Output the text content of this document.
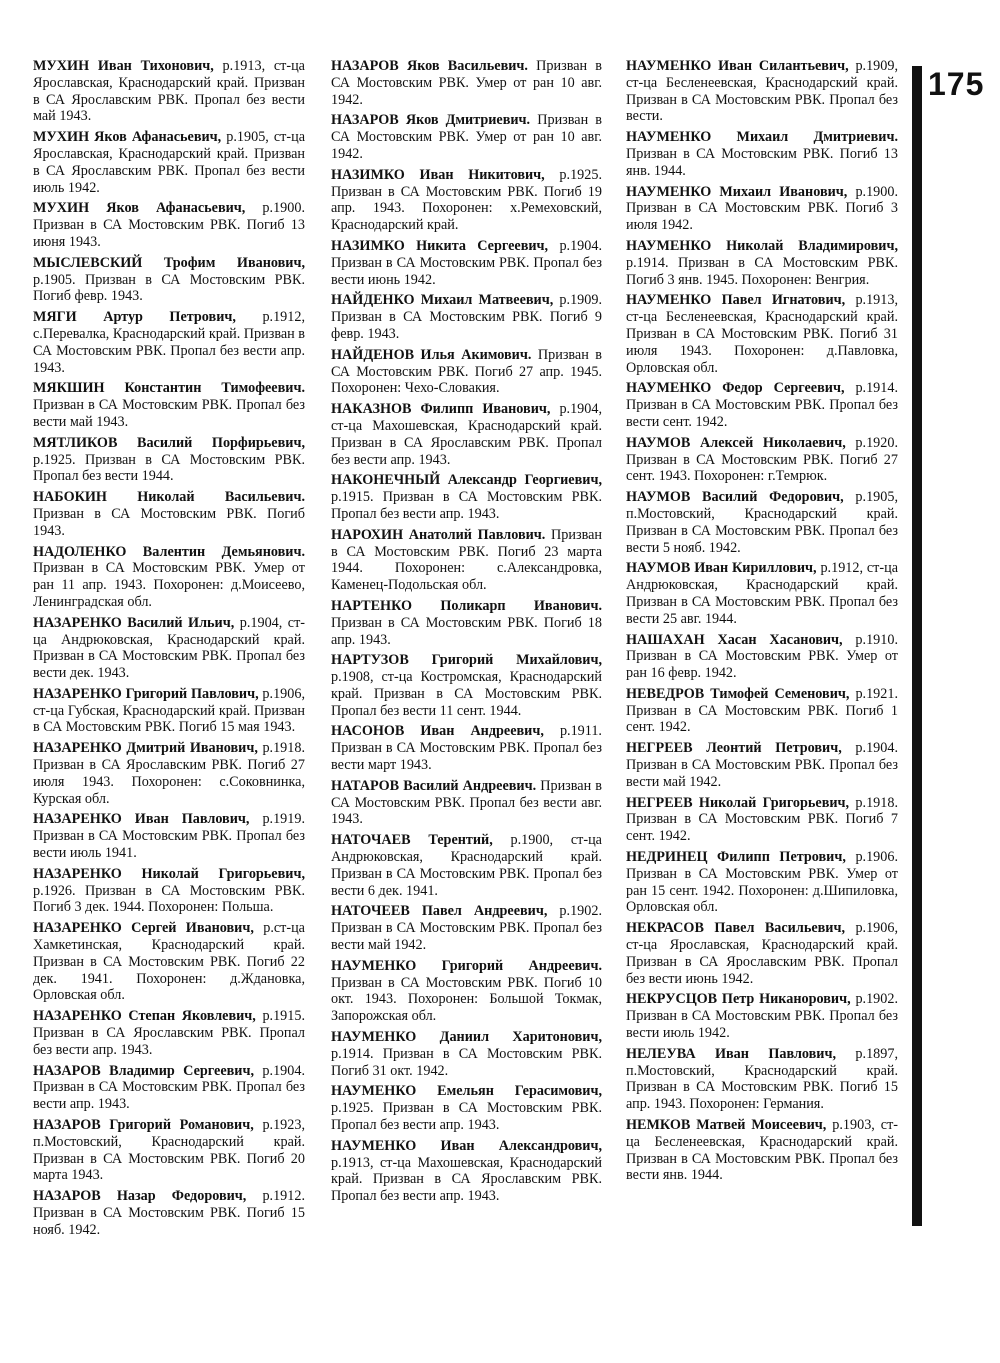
175

МУХИН Иван Тихонович, р.1913, ст-ца Ярославская, Краснодарский край. Призван в СА Ярославским РВК. Пропал без вести май 1943.

МУХИН Яков Афанасьевич, р.1905, ст-ца Ярославская, Краснодарский край. Призван в СА Ярославским РВК. Пропал без вести июль 1942.

МУХИН Яков Афанасьевич, р.1900. Призван в СА Мостовским РВК. Погиб 13 июня 1943.

МЫСЛЕВСКИЙ Трофим Иванович, р.1905. Призван в СА Мостовским РВК. Погиб февр. 1943.

МЯГИ Артур Петрович, р.1912, с.Перевалка, Краснодарский край. Призван в СА Мостовским РВК. Пропал без вести апр. 1943.

МЯКШИН Константин Тимофеевич. Призван в СА Мостовским РВК. Пропал без вести май 1943.

МЯТЛИКОВ Василий Порфирьевич, р.1925. Призван в СА Мостовским РВК. Пропал без вести 1944.

НАБОКИН Николай Васильевич. Призван в СА Мостовским РВК. Погиб 1943.

НАДОЛЕНКО Валентин Демьянович. Призван в СА Мостовским РВК. Умер от ран 11 апр. 1943. Похоронен: д.Моисеево, Ленинградская обл.

НАЗАРЕНКО Василий Ильич, р.1904, ст-ца Андрюковская, Краснодарский край. Призван в СА Мостовским РВК. Пропал без вести дек. 1943.

НАЗАРЕНКО Григорий Павлович, р.1906, ст-ца Губская, Краснодарский край. Призван в СА Мостовским РВК. Погиб 15 мая 1943.

НАЗАРЕНКО Дмитрий Иванович, р.1918. Призван в СА Ярославским РВК. Погиб 27 июля 1943. Похоронен: с.Соковнинка, Курская обл.

НАЗАРЕНКО Иван Павлович, р.1919. Призван в СА Мостовским РВК. Пропал без вести июль 1941.

НАЗАРЕНКО Николай Григорьевич, р.1926. Призван в СА Мостовским РВК. Погиб 3 дек. 1944. Похоронен: Польша.

НАЗАРЕНКО Сергей Иванович, р.ст-ца Хамкетинская, Краснодарский край. Призван в СА Мостовским РВК. Погиб 22 дек. 1941. Похоронен: д.Ждановка, Орловская обл.

НАЗАРЕНКО Степан Яковлевич, р.1915. Призван в СА Ярославским РВК. Пропал без вести апр. 1943.

НАЗАРОВ Владимир Сергеевич, р.1904. Призван в СА Мостовским РВК. Пропал без вести апр. 1943.

НАЗАРОВ Григорий Романович, р.1923, п.Мостовский, Краснодарский край. Призван в СА Мостовским РВК. Погиб 20 марта 1943.

НАЗАРОВ Назар Федорович, р.1912. Призван в СА Мостовским РВК. Погиб 15 нояб. 1942.

НАЗАРОВ Яков Васильевич. Призван в СА Мостовским РВК. Умер от ран 10 авг. 1942.

НАЗАРОВ Яков Дмитриевич. Призван в СА Мостовским РВК. Умер от ран 10 авг. 1942.

НАЗИМКО Иван Никитович, р.1925. Призван в СА Мостовским РВК. Погиб 19 апр. 1943. Похоронен: х.Ремеховский, Краснодарский край.

НАЗИМКО Никита Сергеевич, р.1904. Призван в СА Мостовским РВК. Пропал без вести июнь 1942.

НАЙДЕНКО Михаил Матвеевич, р.1909. Призван в СА Мостовским РВК. Погиб 9 февр. 1943.

НАЙДЕНОВ Илья Акимович. Призван в СА Мостовским РВК. Погиб 27 апр. 1945. Похоронен: Чехо-Словакия.

НАКАЗНОВ Филипп Иванович, р.1904, ст-ца Махошевская, Краснодарский край. Призван в СА Ярославским РВК. Пропал без вести апр. 1943.

НАКОНЕЧНЫЙ Александр Георгиевич, р.1915. Призван в СА Мостовским РВК. Пропал без вести апр. 1943.

НАРОХИН Анатолий Павлович. Призван в СА Мостовским РВК. Погиб 23 марта 1944. Похоронен: с.Александровка, Каменец-Подольская обл.

НАРТЕНКО Поликарп Иванович. Призван в СА Мостовским РВК. Погиб 18 апр. 1943.

НАРТУЗОВ Григорий Михайлович, р.1908, ст-ца Костромская, Краснодарский край. Призван в СА Мостовским РВК. Пропал без вести 11 сент. 1944.

НАСОНОВ Иван Андреевич, р.1911. Призван в СА Мостовским РВК. Пропал без вести март 1943.

НАТАРОВ Василий Андреевич. Призван в СА Мостовским РВК. Пропал без вести авг. 1943.

НАТОЧАЕВ Терентий, р.1900, ст-ца Андрюковская, Краснодарский край. Призван в СА Мостовским РВК. Пропал без вести 6 дек. 1941.

НАТОЧЕЕВ Павел Андреевич, р.1902. Призван в СА Мостовским РВК. Пропал без вести май 1942.

НАУМЕНКО Григорий Андреевич. Призван в СА Мостовским РВК. Погиб 10 окт. 1943. Похоронен: Большой Токмак, Запорожская обл.

НАУМЕНКО Даниил Харитонович, р.1914. Призван в СА Мостовским РВК. Погиб 31 окт. 1942.

НАУМЕНКО Емельян Герасимович, р.1925. Призван в СА Мостовским РВК. Пропал без вести апр. 1943.

НАУМЕНКО Иван Александрович, р.1913, ст-ца Махошевская, Краснодарский край. Призван в СА Ярославским РВК. Пропал без вести апр. 1943.

НАУМЕНКО Иван Силантьевич, р.1909, ст-ца Бесленеевская, Краснодарский край. Призван в СА Мостовским РВК. Пропал без вести.

НАУМЕНКО Михаил Дмитриевич. Призван в СА Мостовским РВК. Погиб 13 янв. 1944.

НАУМЕНКО Михаил Иванович, р.1900. Призван в СА Мостовским РВК. Погиб 3 июля 1942.

НАУМЕНКО Николай Владимирович, р.1914. Призван в СА Мостовским РВК. Погиб 3 янв. 1945. Похоронен: Венгрия.

НАУМЕНКО Павел Игнатович, р.1913, ст-ца Бесленеевская, Краснодарский край. Призван в СА Мостовским РВК. Погиб 31 июля 1943. Похоронен: д.Павловка, Орловская обл.

НАУМЕНКО Федор Сергеевич, р.1914. Призван в СА Мостовским РВК. Пропал без вести сент. 1942.

НАУМОВ Алексей Николаевич, р.1920. Призван в СА Мостовским РВК. Погиб 27 сент. 1943. Похоронен: г.Темрюк.

НАУМОВ Василий Федорович, р.1905, п.Мостовский, Краснодарский край. Призван в СА Мостовским РВК. Пропал без вести 5 нояб. 1942.

НАУМОВ Иван Кириллович, р.1912, ст-ца Андрюковская, Краснодарский край. Призван в СА Мостовским РВК. Пропал без вести 25 авг. 1944.

НАШАХАН Хасан Хасанович, р.1910. Призван в СА Мостовским РВК. Умер от ран 16 февр. 1942.

НЕВЕДРОВ Тимофей Семенович, р.1921. Призван в СА Мостовским РВК. Погиб 1 сент. 1942.

НЕГРЕЕВ Леонтий Петрович, р.1904. Призван в СА Мостовским РВК. Пропал без вести май 1942.

НЕГРЕЕВ Николай Григорьевич, р.1918. Призван в СА Мостовским РВК. Погиб 7 сент. 1942.

НЕДРИНЕЦ Филипп Петрович, р.1906. Призван в СА Мостовским РВК. Умер от ран 15 сент. 1942. Похоронен: д.Шипиловка, Орловская обл.

НЕКРАСОВ Павел Васильевич, р.1906, ст-ца Ярославская, Краснодарский край. Призван в СА Ярославским РВК. Пропал без вести июнь 1942.

НЕКРУСЦОВ Петр Никанорович, р.1902. Призван в СА Мостовским РВК. Пропал без вести июль 1942.

НЕЛЕУВА Иван Павлович, р.1897, п.Мостовский, Краснодарский край. Призван в СА Мостовским РВК. Погиб 15 апр. 1943. Похоронен: Германия.

НЕМКОВ Матвей Моисеевич, р.1903, ст-ца Бесленеевская, Краснодарский край. Призван в СА Мостовским РВК. Пропал без вести янв. 1944.
